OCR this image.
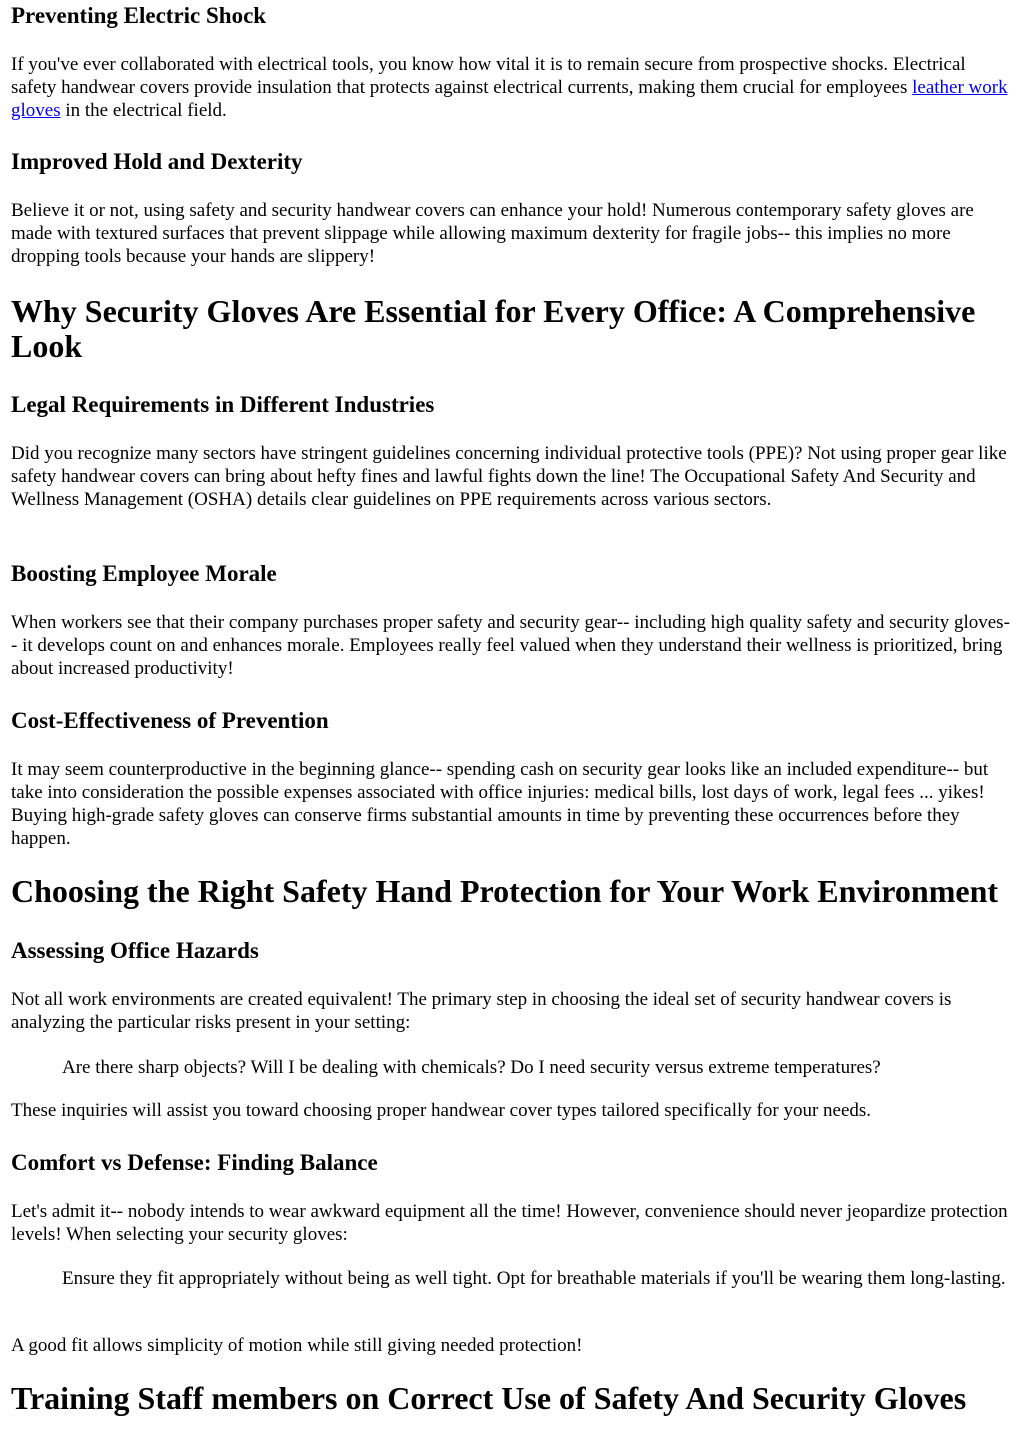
Preventing Electric Shock

If you've ever collaborated with electrical tools, you know how vital it is to remain secure from prospective shocks. Electrical safety handwear covers provide insulation that protects against electrical currents, making them crucial for employees leather work gloves in the electrical field.

Improved Hold and Dexterity

Believe it or not, using safety and security handwear covers can enhance your hold! Numerous contemporary safety gloves are made with textured surfaces that prevent slippage while allowing maximum dexterity for fragile jobs-- this implies no more dropping tools because your hands are slippery!

Why Security Gloves Are Essential for Every Office: A Comprehensive Look
Legal Requirements in Different Industries

Did you recognize many sectors have stringent guidelines concerning individual protective tools (PPE)? Not using proper gear like safety handwear covers can bring about hefty fines and lawful fights down the line! The Occupational Safety And Security and Wellness Management (OSHA) details clear guidelines on PPE requirements across various sectors.

Boosting Employee Morale

When workers see that their company purchases proper safety and security gear-- including high quality safety and security gloves-- it develops count on and enhances morale. Employees really feel valued when they understand their wellness is prioritized, bring about increased productivity!

Cost-Effectiveness of Prevention

It may seem counterproductive in the beginning glance-- spending cash on security gear looks like an included expenditure-- but take into consideration the possible expenses associated with office injuries: medical bills, lost days of work, legal fees ... yikes! Buying high-grade safety gloves can conserve firms substantial amounts in time by preventing these occurrences before they happen.

Choosing the Right Safety Hand Protection for Your Work Environment
Assessing Office Hazards

Not all work environments are created equivalent! The primary step in choosing the ideal set of security handwear covers is analyzing the particular risks present in your setting:

Are there sharp objects? Will I be dealing with chemicals? Do I need security versus extreme temperatures?

These inquiries will assist you toward choosing proper handwear cover types tailored specifically for your needs.

Comfort vs Defense: Finding Balance

Let's admit it-- nobody intends to wear awkward equipment all the time! However, convenience should never jeopardize protection levels! When selecting your security gloves:

Ensure they fit appropriately without being as well tight. Opt for breathable materials if you'll be wearing them long-lasting.

A good fit allows simplicity of motion while still giving needed protection!

Training Staff members on Correct Use of Safety And Security Gloves
